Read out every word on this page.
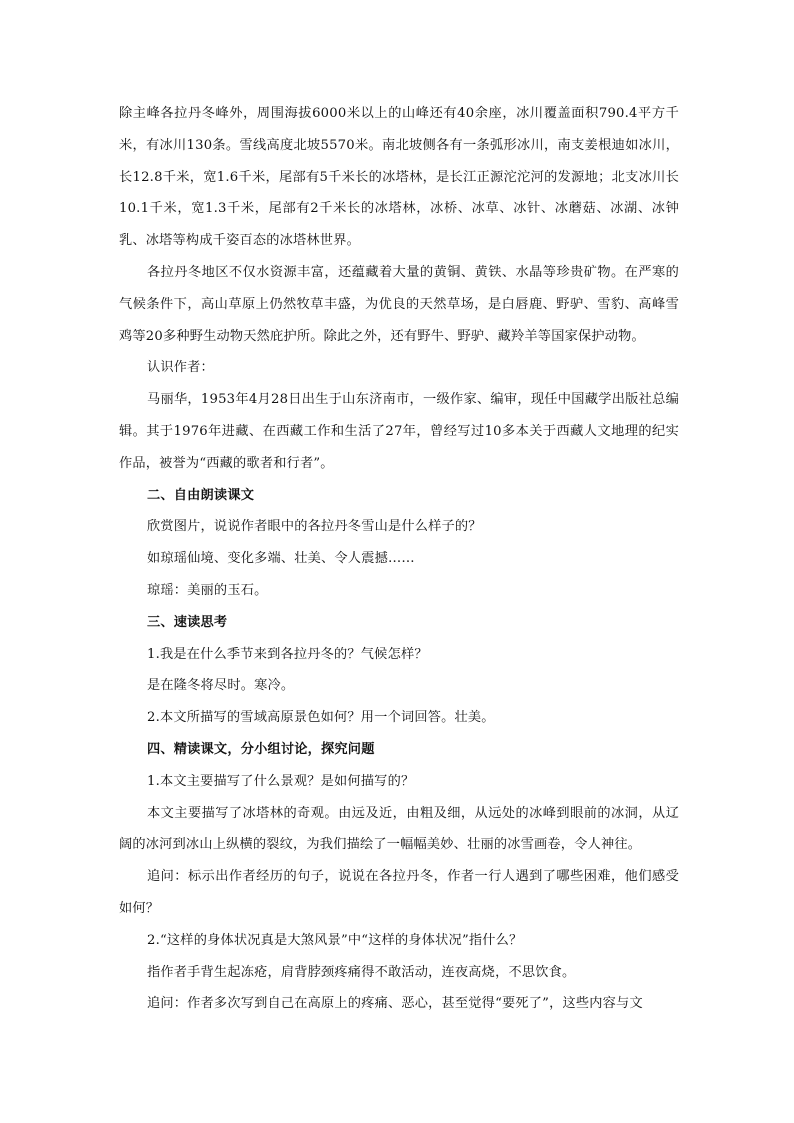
除主峰各拉丹冬峰外，周围海拔6000米以上的山峰还有40余座，冰川覆盖面积790.4平方千米，有冰川130条。雪线高度北坡5570米。南北坡侧各有一条弧形冰川，南支姜根迪如冰川，长12.8千米，宽1.6千米，尾部有5千米长的冰塔林，是长江正源沱沱河的发源地；北支冰川长10.1千米，宽1.3千米，尾部有2千米长的冰塔林，冰桥、冰草、冰针、冰蘑菇、冰湖、冰钟乳、冰塔等构成千姿百态的冰塔林世界。

各拉丹冬地区不仅水资源丰富，还蕴藏着大量的黄铜、黄铁、水晶等珍贵矿物。在严寒的气候条件下，高山草原上仍然牧草丰盛，为优良的天然草场，是白唇鹿、野驴、雪豹、高峰雪鸡等20多种野生动物天然庇护所。除此之外，还有野牛、野驴、藏羚羊等国家保护动物。

认识作者：

马丽华，1953年4月28日出生于山东济南市，一级作家、编审，现任中国藏学出版社总编辑。其于1976年进藏、在西藏工作和生活了27年，曾经写过10多本关于西藏人文地理的纪实作品，被誉为“西藏的歌者和行者”。

二、自由朗读课文

欣赏图片，说说作者眼中的各拉丹冬雪山是什么样子的？

如琼瑶仙境、变化多端、壮美、令人震撼……

琼瑶：美丽的玉石。

三、速读思考

1.我是在什么季节来到各拉丹冬的？气候怎样？

是在隆冬将尽时。寒冷。

2.本文所描写的雪域高原景色如何？用一个词回答。壮美。

四、精读课文，分小组讨论，探究问题

1.本文主要描写了什么景观？是如何描写的？

本文主要描写了冰塔林的奇观。由远及近，由粗及细，从远处的冰峰到眼前的冰洞，从辽阔的冰河到冰山上纵横的裂纹，为我们描绘了一幅幅美妙、壮丽的冰雪画卷，令人神往。

追问：标示出作者经历的句子，说说在各拉丹冬，作者一行人遇到了哪些困难，他们感受如何？

2.“这样的身体状况真是大煞风景”中“这样的身体状况”指什么？

指作者手背生起冻疮，肩背脖颈疼痛得不敢活动，连夜高烧，不思饮食。

追问：作者多次写到自己在高原上的疼痛、恶心，甚至觉得“要死了”，这些内容与文
